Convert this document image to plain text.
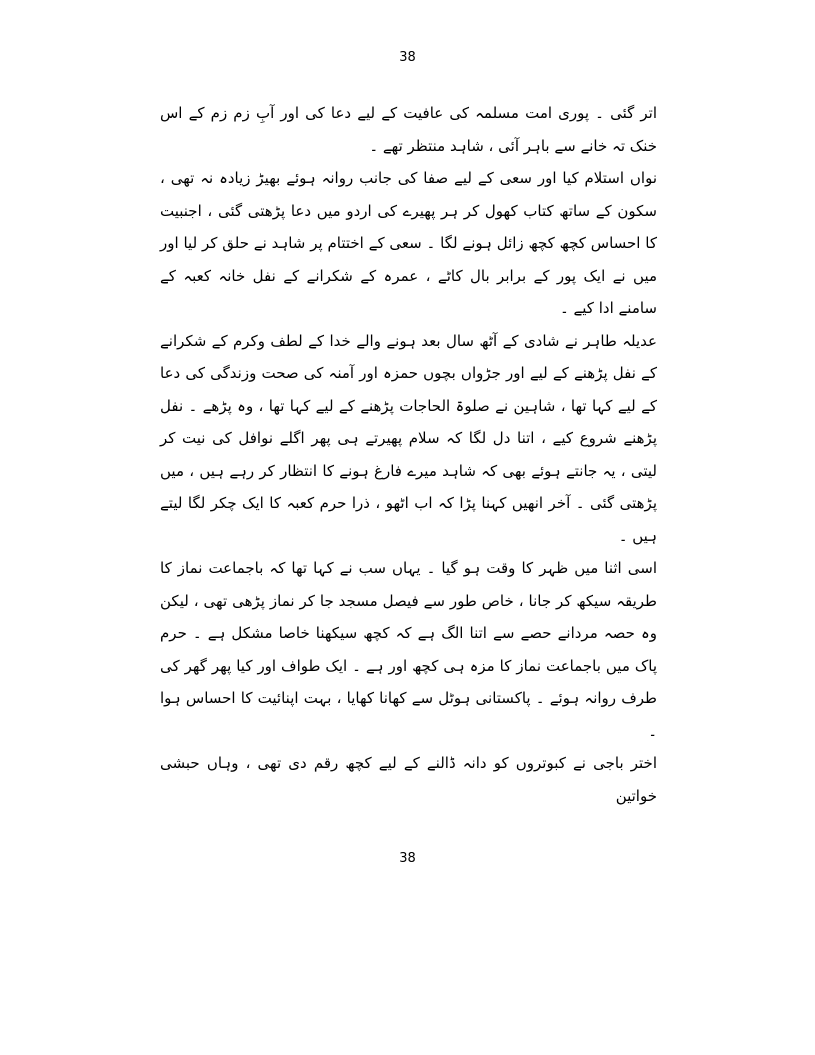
38

اتر گئی ۔ پوری امت مسلمہ کی عافیت کے لیے دعا کی اور آبِ زم زم کے اس خنک تہ خانے سے باہر آئی ، شاہد منتظر تھے ۔

نواں استلام کیا اور سعی کے لیے صفا کی جانب روانہ ہوئے بھیڑ زیادہ نہ تھی ، سکون کے ساتھ کتاب کھول کر ہر پھیرے کی اردو میں دعا پڑھتی گئی ، اجنبیت کا احساس کچھ کچھ زائل ہونے لگا ۔ سعی کے اختتام پر شاہد نے حلق کر لیا اور میں نے ایک پور کے برابر بال کاٹے ، عمرہ کے شکرانے کے نفل خانہ کعبہ کے سامنے ادا کیے ۔

عدیلہ طاہر نے شادی کے آٹھ سال بعد ہونے والے خدا کے لطف وکرم کے شکرانے کے نفل پڑھنے کے لیے اور جڑواں بچوں حمزہ اور آمنہ کی صحت وزندگی کی دعا کے لیے کہا تھا ، شاہین نے صلوۃ الحاجات پڑھنے کے لیے کہا تھا ، وہ پڑھے ۔ نفل پڑھنے شروع کیے ، اتنا دل لگا کہ سلام پھیرتے ہی پھر اگلے نوافل کی نیت کر لیتی ، یہ جانتے ہوئے بھی کہ شاہد میرے فارغ ہونے کا انتظار کر رہے ہیں ، میں پڑھتی گئی ۔ آخر انھیں کہنا پڑا کہ اب اٹھو ، ذرا حرم کعبہ کا ایک چکر لگا لیتے ہیں ۔

اسی اثنا میں ظہر کا وقت ہو گیا ۔ یہاں سب نے کہا تھا کہ باجماعت نماز کا طریقہ سیکھ کر جانا ، خاص طور سے فیصل مسجد جا کر نماز پڑھی تھی ، لیکن وہ حصہ مردانے حصے سے اتنا الگ ہے کہ کچھ سیکھنا خاصا مشکل ہے ۔ حرم پاک میں باجماعت نماز کا مزہ ہی کچھ اور ہے ۔ ایک طواف اور کیا پھر گھر کی طرف روانہ ہوئے ۔ پاکستانی ہوٹل سے کھانا کھایا ، بہت اپنائیت کا احساس ہوا ۔

اختر باجی نے کبوتروں کو دانہ ڈالنے کے لیے کچھ رقم دی تھی ، وہاں حبشی خواتین

38
